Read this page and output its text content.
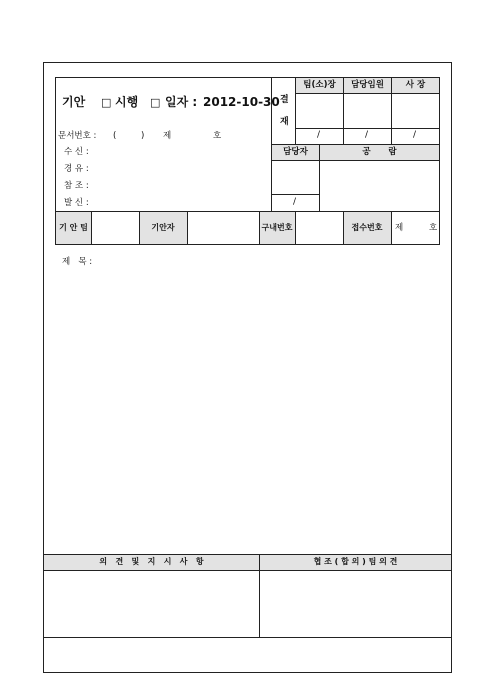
기안 □ 시행 □ 일자 : 2012-10-30
문서번호 : (	) 제	호
수 신 :
경 유 :
참 조 :
발 신 :
결
재
팀(소)장	담당임원	사 장
/	/	/
담당자	공      람
/
기 안 팀	기안자	구내번호	접수번호	제	호
제   목 :
의   견   및   지   시   사   항	협 조 ( 합 의 ) 팀 의 견
